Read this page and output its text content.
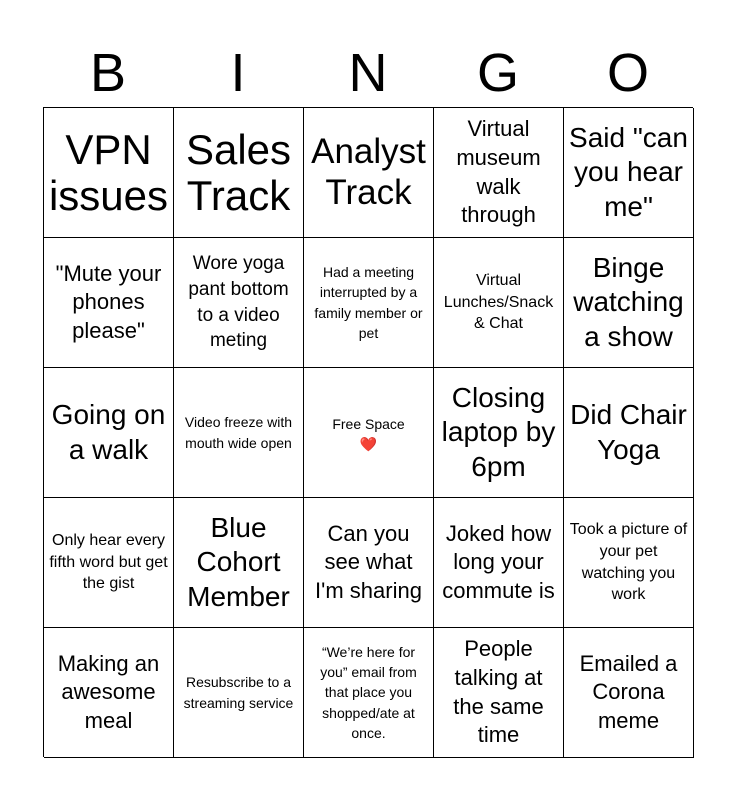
B	I	N	G	O
VPN issues
Sales Track
Analyst Track
Virtual museum walk through
Said "can you hear me"
"Mute your phones please"
Wore yoga pant bottom to a video meting
Had a meeting interrupted by a family member or pet
Virtual Lunches/Snack & Chat
Binge watching a show
Going on a walk
Video freeze with mouth wide open
Free Space
❤️
Closing laptop by 6pm
Did Chair Yoga
Only hear every fifth word but get the gist
Blue Cohort Member
Can you see what I'm sharing
Joked how long your commute is
Took a picture of your pet watching you work
Making an awesome meal
Resubscribe to a streaming service
“We’re here for you” email from that place you shopped/ate at once.
People talking at the same time
Emailed a Corona meme
